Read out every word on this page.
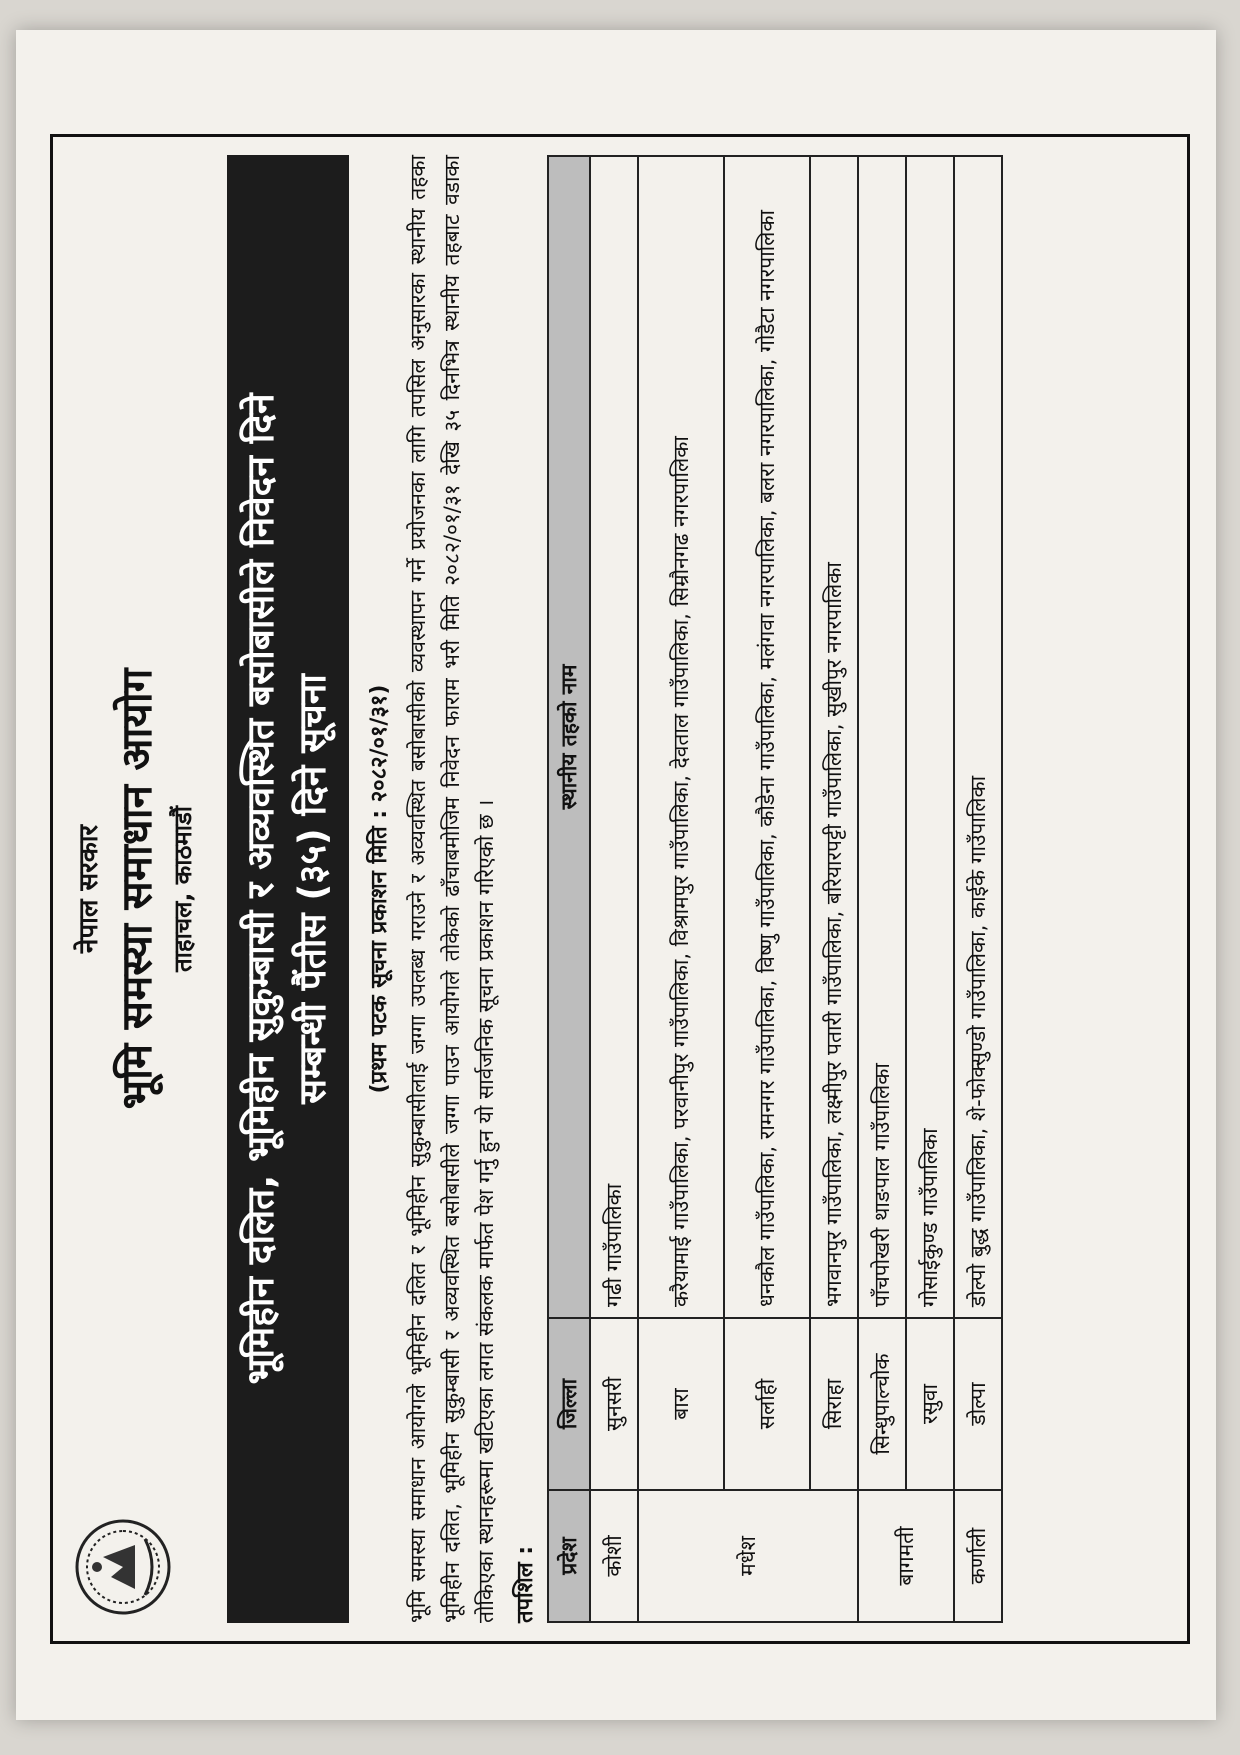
नेपाल सरकार भूमि समस्या समाधान आयोग ताहाचल, काठमाडौं भूमिहीन दलित, भूमिहीन सुकुम्बासी र अव्यवस्थित बसोबासीले निवेदन दिने सम्बन्धी पैंतीस (३५) दिने सूचना (प्रथम पटक सूचना प्रकाशन मिति : २०८२/०१/३१) भूमि समस्या समाधान आयोगले भूमिहीन दलित र भूमिहीन सुकुम्बासीलाई जग्गा उपलब्ध गराउने र अव्यवस्थित बसोबासीको व्यवस्थापन गर्ने प्रयोजनका लागि तपसिल अनुसारका स्थानीय तहका भूमिहीन दलित, भूमिहीन सुकुम्बासी र अव्यवस्थित बसोबासीले जग्गा पाउन आयोगले तोकेको ढाँचाबमोजिम निवेदन फाराम भरी मिति २०८२/०१/३१ देखि ३५ दिनभित्र स्थानीय तहबाट वडाका तोकिएका स्थानहरूमा खटिएका लगत संकलक मार्फत पेश गर्नु हुन यो सार्वजनिक सूचना प्रकाशन गरिएको छ । तपशिल : प्रदेश	जिल्ला	स्थानीय तहको नाम
कोशी	सुनसरी	गढी गाउँपालिका
मधेश	बारा	करैयामाई गाउँपालिका, परवानीपुर गाउँपालिका, विश्रामपुर गाउँपालिका, देवताल गाउँपालिका, सिम्रौनगढ नगरपालिका
	सर्लाही	धनकौल गाउँपालिका, रामनगर गाउँपालिका, विष्णु गाउँपालिका, कौडेना गाउँपालिका, मलंगवा नगरपालिका, बलरा नगरपालिका, गोडैटा नगरपालिका
	सिराहा	भगवानपुर गाउँपालिका, लक्ष्मीपुर पतारी गाउँपालिका, बरियारपट्टी गाउँपालिका, सुखीपुर नगरपालिका
बागमती	सिन्धुपाल्चोक	पाँचपोखरी थाङपाल गाउँपालिका
	रसुवा	गोसाईकुण्ड गाउँपालिका
कर्णाली	डोल्पा	डोल्पो बुद्ध गाउँपालिका, शे-फोक्सुण्डो गाउँपालिका, काईके गाउँपालिका
